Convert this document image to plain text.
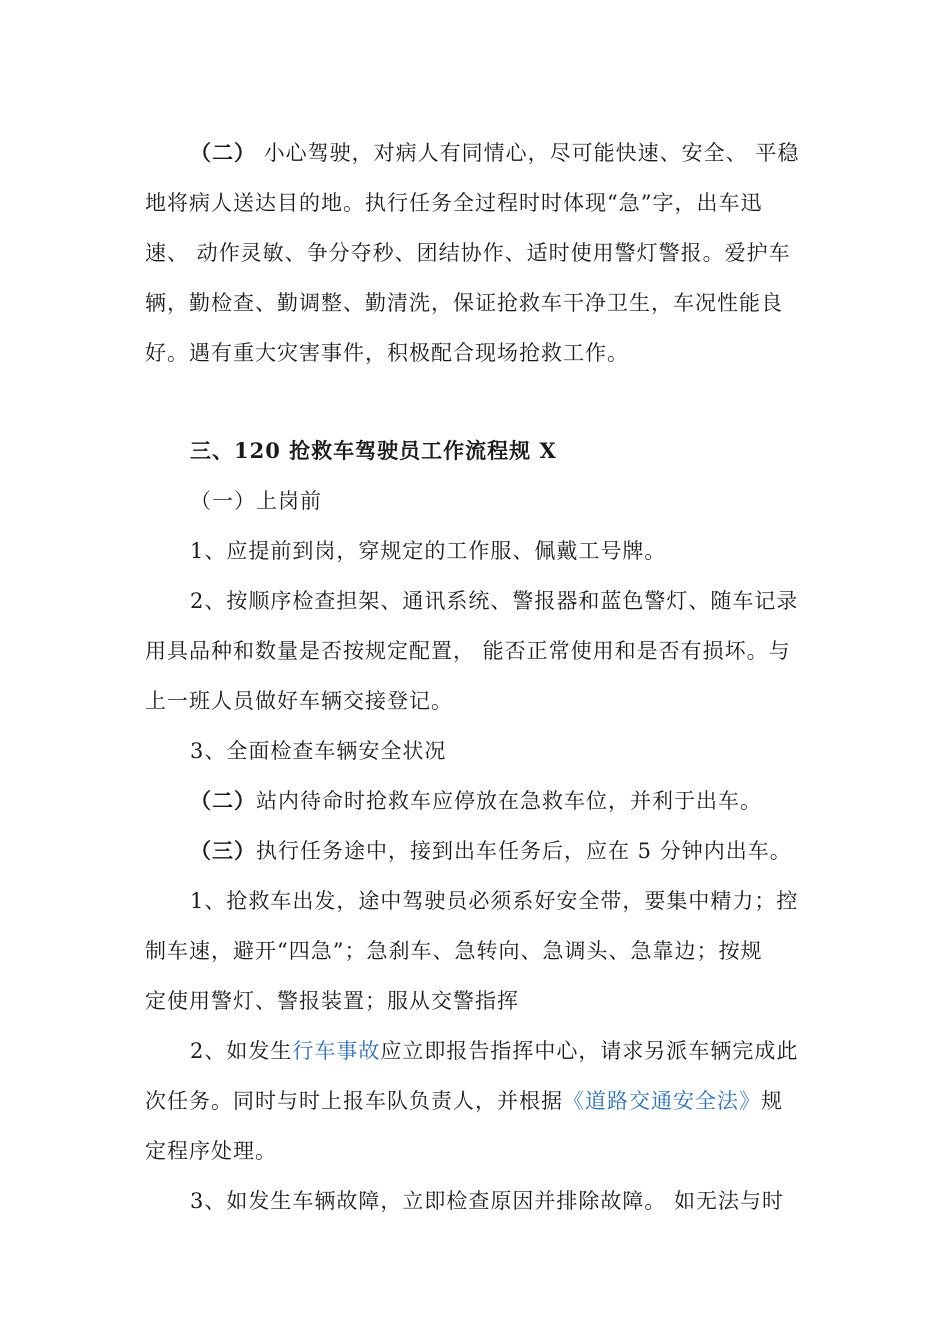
（二） 小心驾驶，对病人有同情心，尽可能快速、安全、 平稳
地将病人送达目的地。执行任务全过程时时体现“急”字，出车迅
速、 动作灵敏、争分夺秒、团结协作、适时使用警灯警报。爱护车
辆，勤检查、勤调整、勤清洗，保证抢救车干净卫生，车况性能良
好。遇有重大灾害事件，积极配合现场抢救工作。
三、120 抢救车驾驶员工作流程规 X
（一）上岗前
1、应提前到岗，穿规定的工作服、佩戴工号牌。
2、按顺序检查担架、通讯系统、警报器和蓝色警灯、随车记录
用具品种和数量是否按规定配置， 能否正常使用和是否有损坏。与
上一班人员做好车辆交接登记。
3、全面检查车辆安全状况
（二）站内待命时抢救车应停放在急救车位，并利于出车。
（三）执行任务途中，接到出车任务后，应在 5 分钟内出车。
1、抢救车出发，途中驾驶员必须系好安全带，要集中精力；控
制车速，避开“四急”；急刹车、急转向、急调头、急靠边；按规
定使用警灯、警报装置；服从交警指挥
2、如发生行车事故应立即报告指挥中心，请求另派车辆完成此
次任务。同时与时上报车队负责人，并根据《道路交通安全法》规
定程序处理。
3、如发生车辆故障，立即检查原因并排除故障。 如无法与时
